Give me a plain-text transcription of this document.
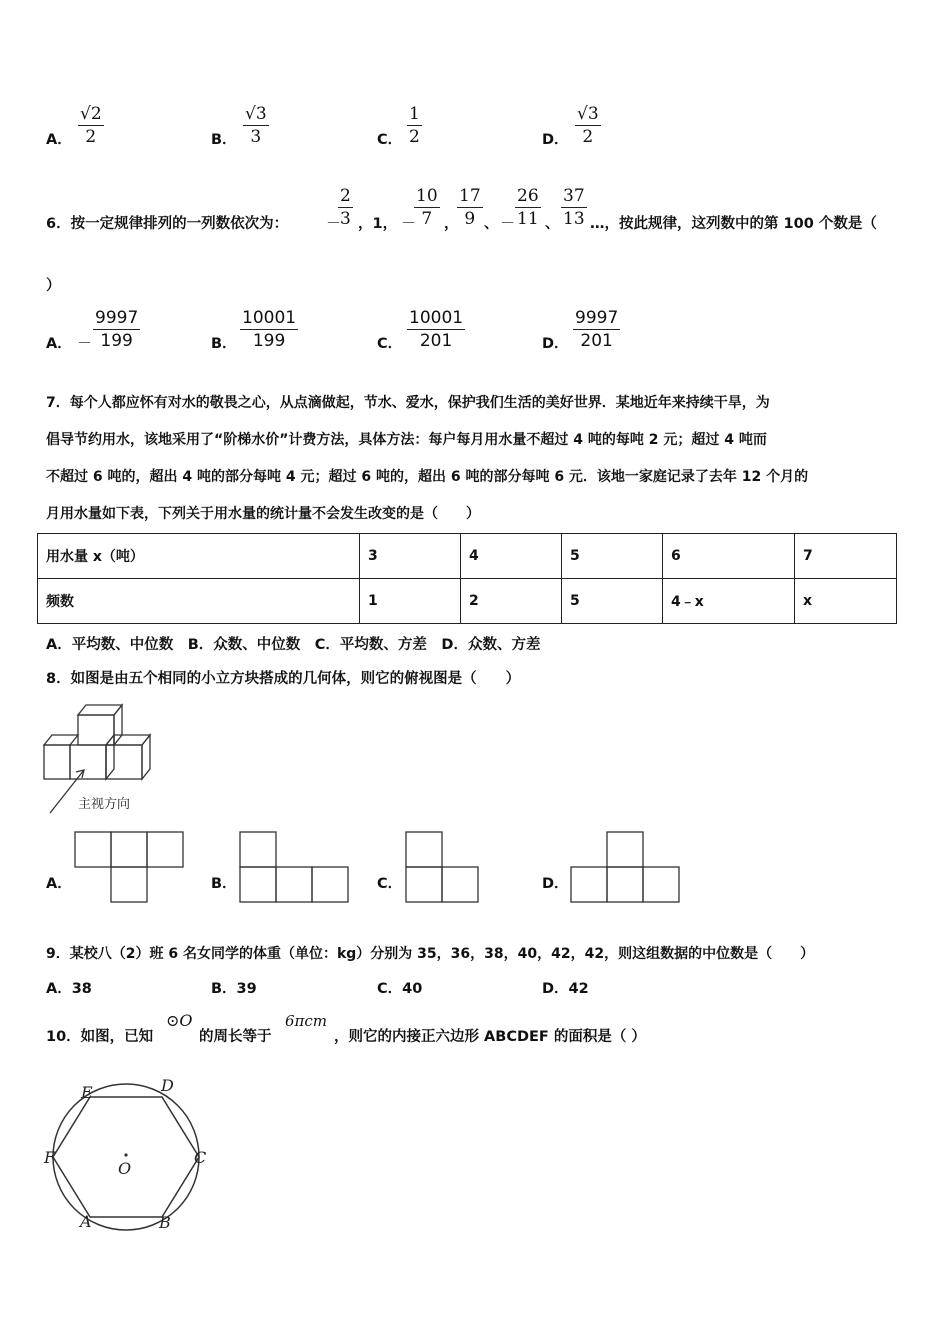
A． $\frac{√2}{2}$	B． $\frac{√3}{3}$	C． $\frac{1}{2}$	D． $\frac{√3}{2}$
6．按一定规律排列的一列数依次为：	－
$\frac{2}{3}$ ，1， －
$\frac{10}{7}$ ，
$\frac{17}{9}$ 、 － $\frac{26}{11}$ 、 $\frac{37}{13}$ …，按此规律，这列数中的第 100 个数是（
）
A． － $\frac{9997}{199}$	B． $\frac{10001}{199}$	C． $\frac{10001}{201}$	D． $\frac{9997}{201}$
7．每个人都应怀有对水的敬畏之心，从点滴做起，节水、爱水，保护我们生活的美好世界．某地近年来持续干旱，为
倡导节约用水，该地采用了“阶梯水价”计费方法，具体方法：每户每月用水量不超过 4 吨的每吨 2 元；超过 4 吨而
不超过 6 吨的，超出 4 吨的部分每吨 4 元；超过 6 吨的，超出 6 吨的部分每吨 6 元．该地一家庭记录了去年 12 个月的
月用水量如下表，下列关于用水量的统计量不会发生改变的是（　　）
用水量 x（吨）	3	4	5	6	7
频数	1	2	5	4﹣x	x
A．平均数、中位数　B．众数、中位数　C．平均数、方差　D．众数、方差
8．如图是由五个相同的小立方块搭成的几何体，则它的俯视图是（　　）
主视方向
A．	B．	C．	D．
9．某校八（2）班 6 名女同学的体重（单位：kg）分别为 35，36，38，40，42，42，则这组数据的中位数是（　　）
A．38	B．39	C．40	D．42
10．如图，已知
⊙O
的周长等于
6πcm
，则它的内接正六边形 ABCDEF 的面积是（ ）
E	D
F	C
O
A	B
